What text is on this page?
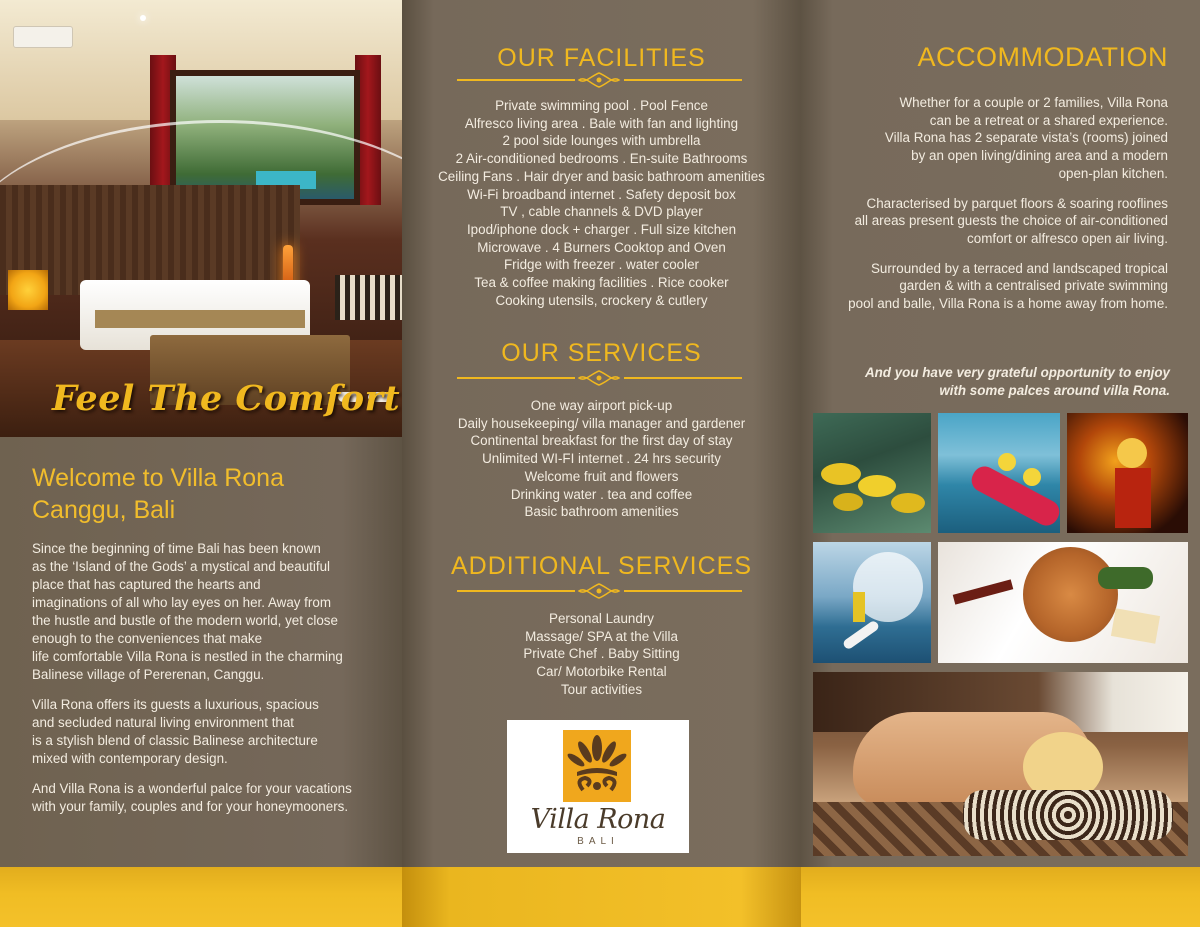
Feel The Comfort
Welcome to Villa Rona
Canggu, Bali

Since the beginning of time Bali has been known
as the ‘Island of the Gods’ a mystical and beautiful
place that has captured the hearts and
imaginations of all who lay eyes on her. Away from
the hustle and bustle of the modern world, yet close
enough to the conveniences that make
life comfortable Villa Rona is nestled in the charming
Balinese village of Pererenan, Canggu.

Villa Rona offers its guests a luxurious, spacious
and secluded natural living environment that
is a stylish blend of classic Balinese architecture
mixed with contemporary design.

And Villa Rona is a wonderful palce for your vacations
with your family, couples and for your honeymooners.

OUR FACILITIES
Private swimming pool . Pool Fence
Alfresco living area . Bale with fan and lighting
2 pool side lounges with umbrella
2 Air-conditioned bedrooms . En-suite Bathrooms
Ceiling Fans . Hair dryer and basic bathroom amenities
Wi-Fi broadband internet . Safety deposit box
TV , cable channels & DVD player
Ipod/iphone dock + charger . Full size kitchen
Microwave . 4 Burners Cooktop and Oven
Fridge with freezer . water cooler
Tea & coffee making facilities . Rice cooker
Cooking utensils, crockery & cutlery
OUR SERVICES
One way airport pick-up
Daily housekeeping/ villa manager and gardener
Continental breakfast for the first day of stay
Unlimited WI-FI internet . 24 hrs security
Welcome fruit and flowers
Drinking water . tea and coffee
Basic bathroom amenities
ADDITIONAL SERVICES
Personal Laundry
Massage/ SPA at the Villa
Private Chef . Baby Sitting
Car/ Motorbike Rental
Tour activities
Villa Rona
BALI
ACCOMMODATION

Whether for a couple or 2 families, Villa Rona
can be a retreat or a shared experience.
Villa Rona has 2 separate vista’s (rooms) joined
by an open living/dining area and a modern
open-plan kitchen.

Characterised by parquet floors & soaring rooflines
all areas present guests the choice of air-conditioned
comfort or alfresco open air living.

Surrounded by a terraced and landscaped tropical
garden & with a centralised private swimming
pool and balle, Villa Rona is a home away from home.

And you have very grateful opportunity to enjoy
with some palces around villa Rona.
